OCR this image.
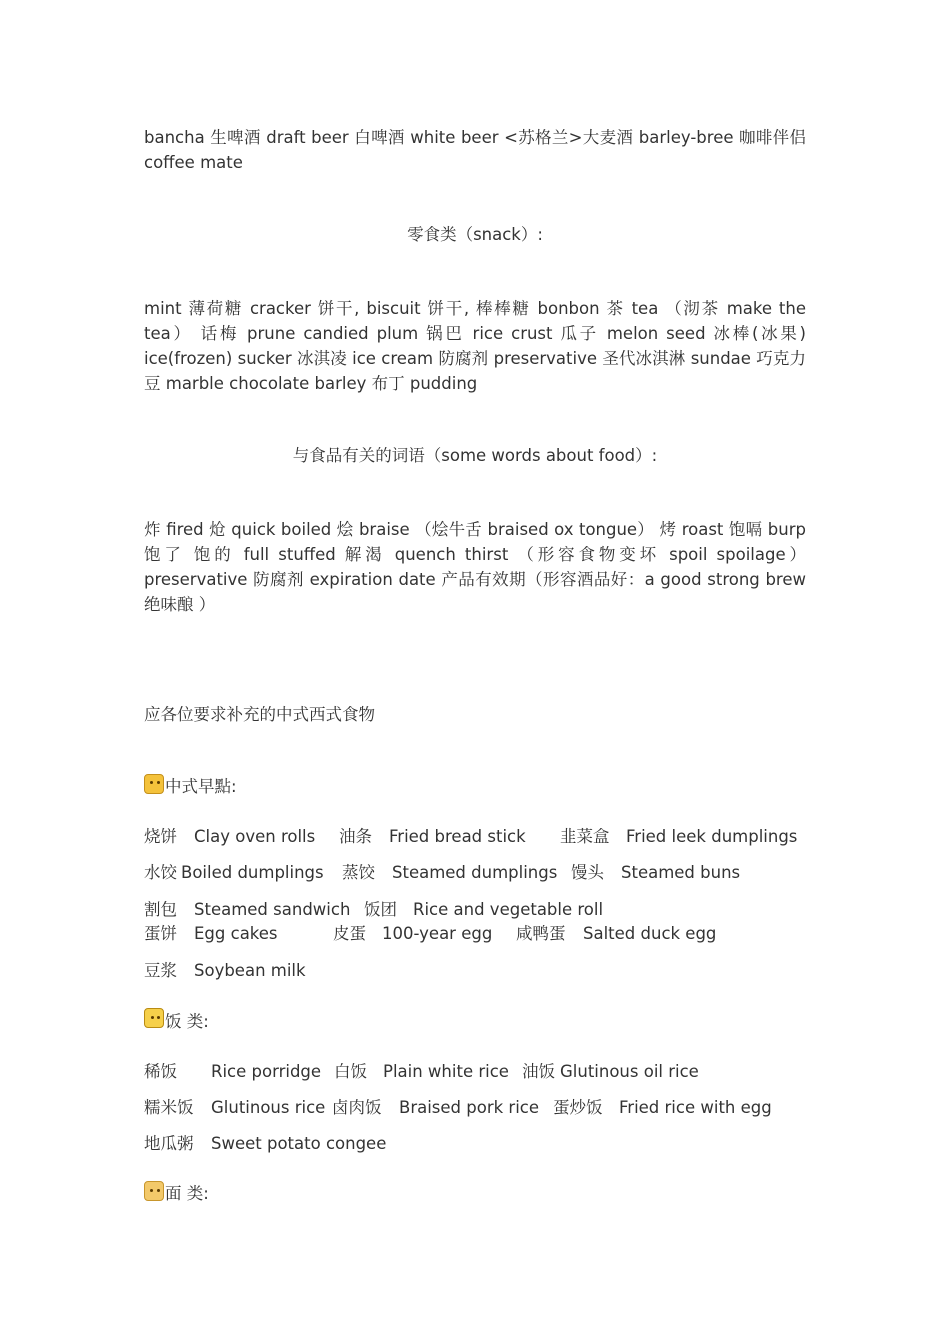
bancha 生啤酒 draft beer 白啤酒 white beer <苏格兰>大麦酒 barley-bree 咖啡伴侣 coffee mate
零食类（snack）:
mint 薄荷糖 cracker 饼干, biscuit 饼干, 棒棒糖 bonbon 茶 tea （沏茶 make the tea） 话梅 prune candied plum 锅巴 rice crust 瓜子 melon seed 冰棒(冰果) ice(frozen) sucker 冰淇凌 ice cream 防腐剂 preservative 圣代冰淇淋 sundae 巧克力豆 marble chocolate barley 布丁 pudding
与食品有关的词语（some words about food）:
炸 fired 炝 quick boiled 烩 braise （烩牛舌 braised ox tongue） 烤 roast 饱嗝 burp 饱了 饱的 full stuffed 解渴 quench thirst （形容食物变坏 spoil spoilage） preservative 防腐剂 expiration date 产品有效期（形容酒品好：a good strong brew 绝味酿 ）
应各位要求补充的中式西式食物
中式早點:
烧饼 Clay oven rolls 油条 Fried bread stick 韭菜盒 Fried leek dumplings
水饺 Boiled dumplings 蒸饺 Steamed dumplings 馒头 Steamed buns
割包 Steamed sandwich 饭团 Rice and vegetable roll
蛋饼 Egg cakes	皮蛋 100-year egg 咸鸭蛋 Salted duck egg
豆浆 Soybean milk
饭 类:
稀饭 Rice porridge 白饭 Plain white rice 油饭 Glutinous oil rice
糯米饭 Glutinous rice 卤肉饭 Braised pork rice 蛋炒饭 Fried rice with egg
地瓜粥 Sweet potato congee
面 类:
